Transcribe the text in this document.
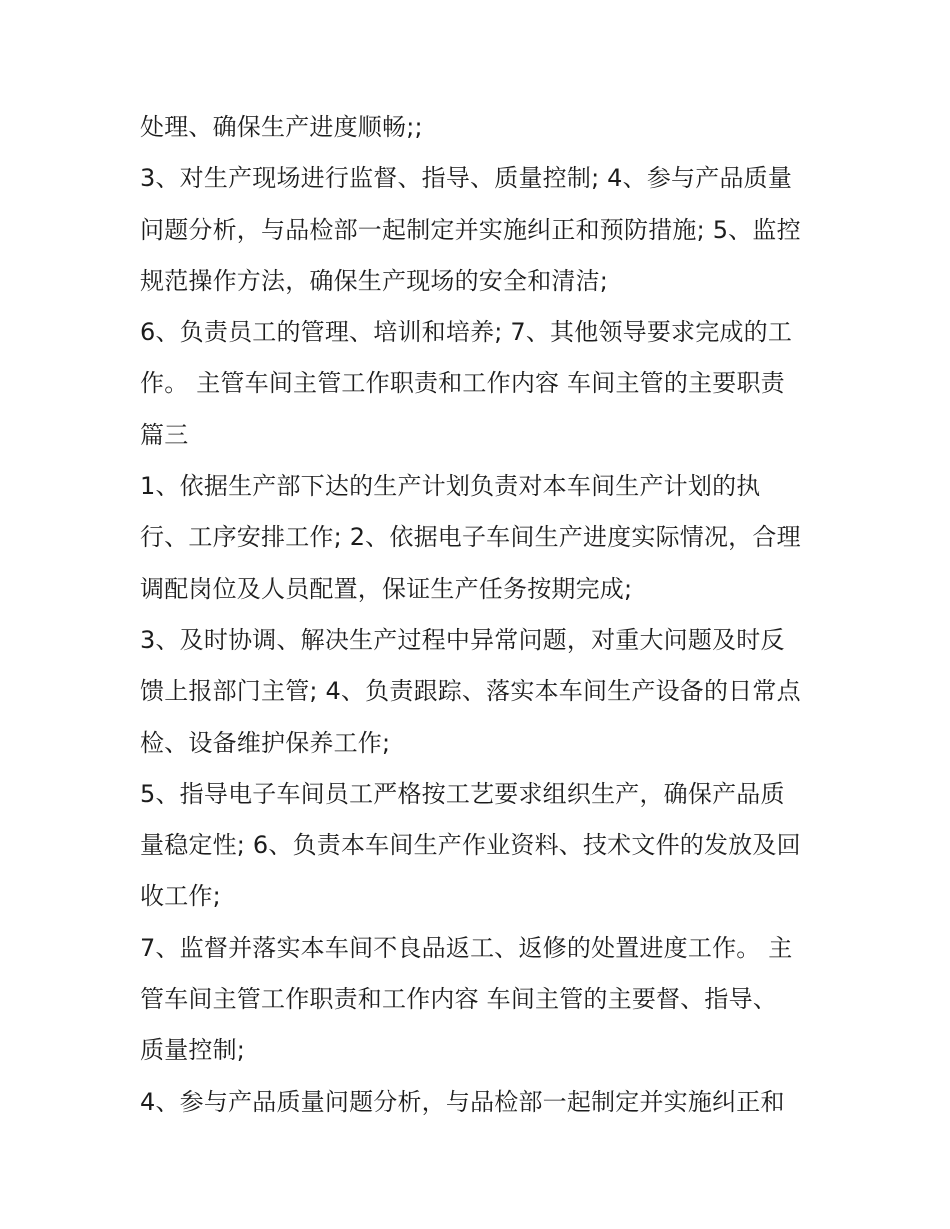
处理、确保生产进度顺畅;;
3、对生产现场进行监督、指导、质量控制; 4、参与产品质量
问题分析，与品检部一起制定并实施纠正和预防措施; 5、监控
规范操作方法，确保生产现场的安全和清洁;
6、负责员工的管理、培训和培养; 7、其他领导要求完成的工
作。 主管车间主管工作职责和工作内容 车间主管的主要职责
篇三
1、依据生产部下达的生产计划负责对本车间生产计划的执
行、工序安排工作; 2、依据电子车间生产进度实际情况，合理
调配岗位及人员配置，保证生产任务按期完成;
3、及时协调、解决生产过程中异常问题，对重大问题及时反
馈上报部门主管; 4、负责跟踪、落实本车间生产设备的日常点
检、设备维护保养工作;
5、指导电子车间员工严格按工艺要求组织生产，确保产品质
量稳定性; 6、负责本车间生产作业资料、技术文件的发放及回
收工作;
7、监督并落实本车间不良品返工、返修的处置进度工作。 主
管车间主管工作职责和工作内容 车间主管的主要督、指导、
质量控制;
4、参与产品质量问题分析，与品检部一起制定并实施纠正和
